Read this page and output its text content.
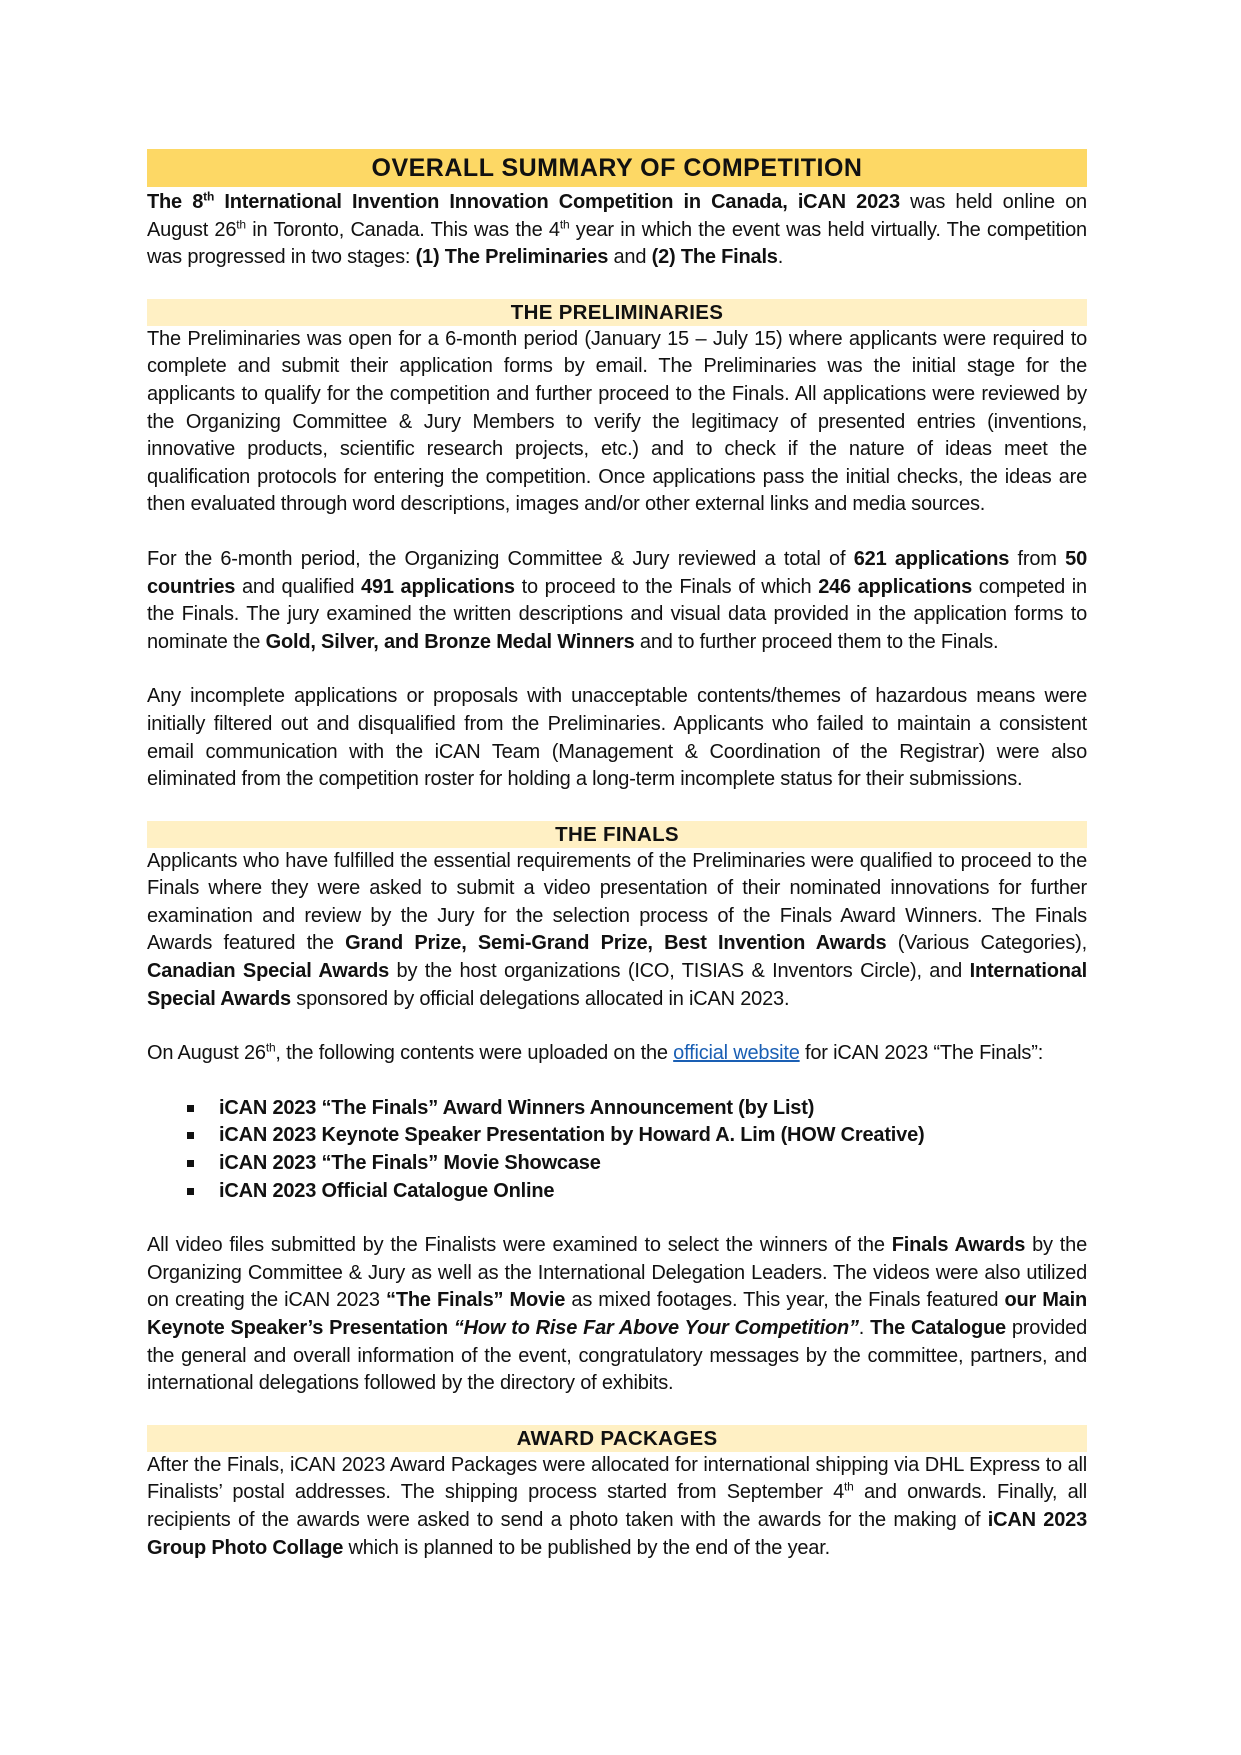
OVERALL SUMMARY OF COMPETITION

The 8th International Invention Innovation Competition in Canada, iCAN 2023 was held online on August 26th in Toronto, Canada. This was the 4th year in which the event was held virtually. The competition was progressed in two stages: (1) The Preliminaries and (2) The Finals.

THE PRELIMINARIES

The Preliminaries was open for a 6-month period (January 15 – July 15) where applicants were required to complete and submit their application forms by email. The Preliminaries was the initial stage for the applicants to qualify for the competition and further proceed to the Finals. All applications were reviewed by the Organizing Committee & Jury Members to verify the legitimacy of presented entries (inventions, innovative products, scientific research projects, etc.) and to check if the nature of ideas meet the qualification protocols for entering the competition. Once applications pass the initial checks, the ideas are then evaluated through word descriptions, images and/or other external links and media sources.

For the 6-month period, the Organizing Committee & Jury reviewed a total of 621 applications from 50 countries and qualified 491 applications to proceed to the Finals of which 246 applications competed in the Finals. The jury examined the written descriptions and visual data provided in the application forms to nominate the Gold, Silver, and Bronze Medal Winners and to further proceed them to the Finals.

Any incomplete applications or proposals with unacceptable contents/themes of hazardous means were initially filtered out and disqualified from the Preliminaries. Applicants who failed to maintain a consistent email communication with the iCAN Team (Management & Coordination of the Registrar) were also eliminated from the competition roster for holding a long-term incomplete status for their submissions.

THE FINALS

Applicants who have fulfilled the essential requirements of the Preliminaries were qualified to proceed to the Finals where they were asked to submit a video presentation of their nominated innovations for further examination and review by the Jury for the selection process of the Finals Award Winners. The Finals Awards featured the Grand Prize, Semi-Grand Prize, Best Invention Awards (Various Categories), Canadian Special Awards by the host organizations (ICO, TISIAS & Inventors Circle), and International Special Awards sponsored by official delegations allocated in iCAN 2023.

On August 26th, the following contents were uploaded on the official website for iCAN 2023 “The Finals”:

iCAN 2023 “The Finals” Award Winners Announcement (by List)
iCAN 2023 Keynote Speaker Presentation by Howard A. Lim (HOW Creative)
iCAN 2023 “The Finals” Movie Showcase
iCAN 2023 Official Catalogue Online

All video files submitted by the Finalists were examined to select the winners of the Finals Awards by the Organizing Committee & Jury as well as the International Delegation Leaders. The videos were also utilized on creating the iCAN 2023 “The Finals” Movie as mixed footages. This year, the Finals featured our Main Keynote Speaker’s Presentation “How to Rise Far Above Your Competition”. The Catalogue provided the general and overall information of the event, congratulatory messages by the committee, partners, and international delegations followed by the directory of exhibits.

AWARD PACKAGES

After the Finals, iCAN 2023 Award Packages were allocated for international shipping via DHL Express to all Finalists’ postal addresses. The shipping process started from September 4th and onwards. Finally, all recipients of the awards were asked to send a photo taken with the awards for the making of iCAN 2023 Group Photo Collage which is planned to be published by the end of the year.
